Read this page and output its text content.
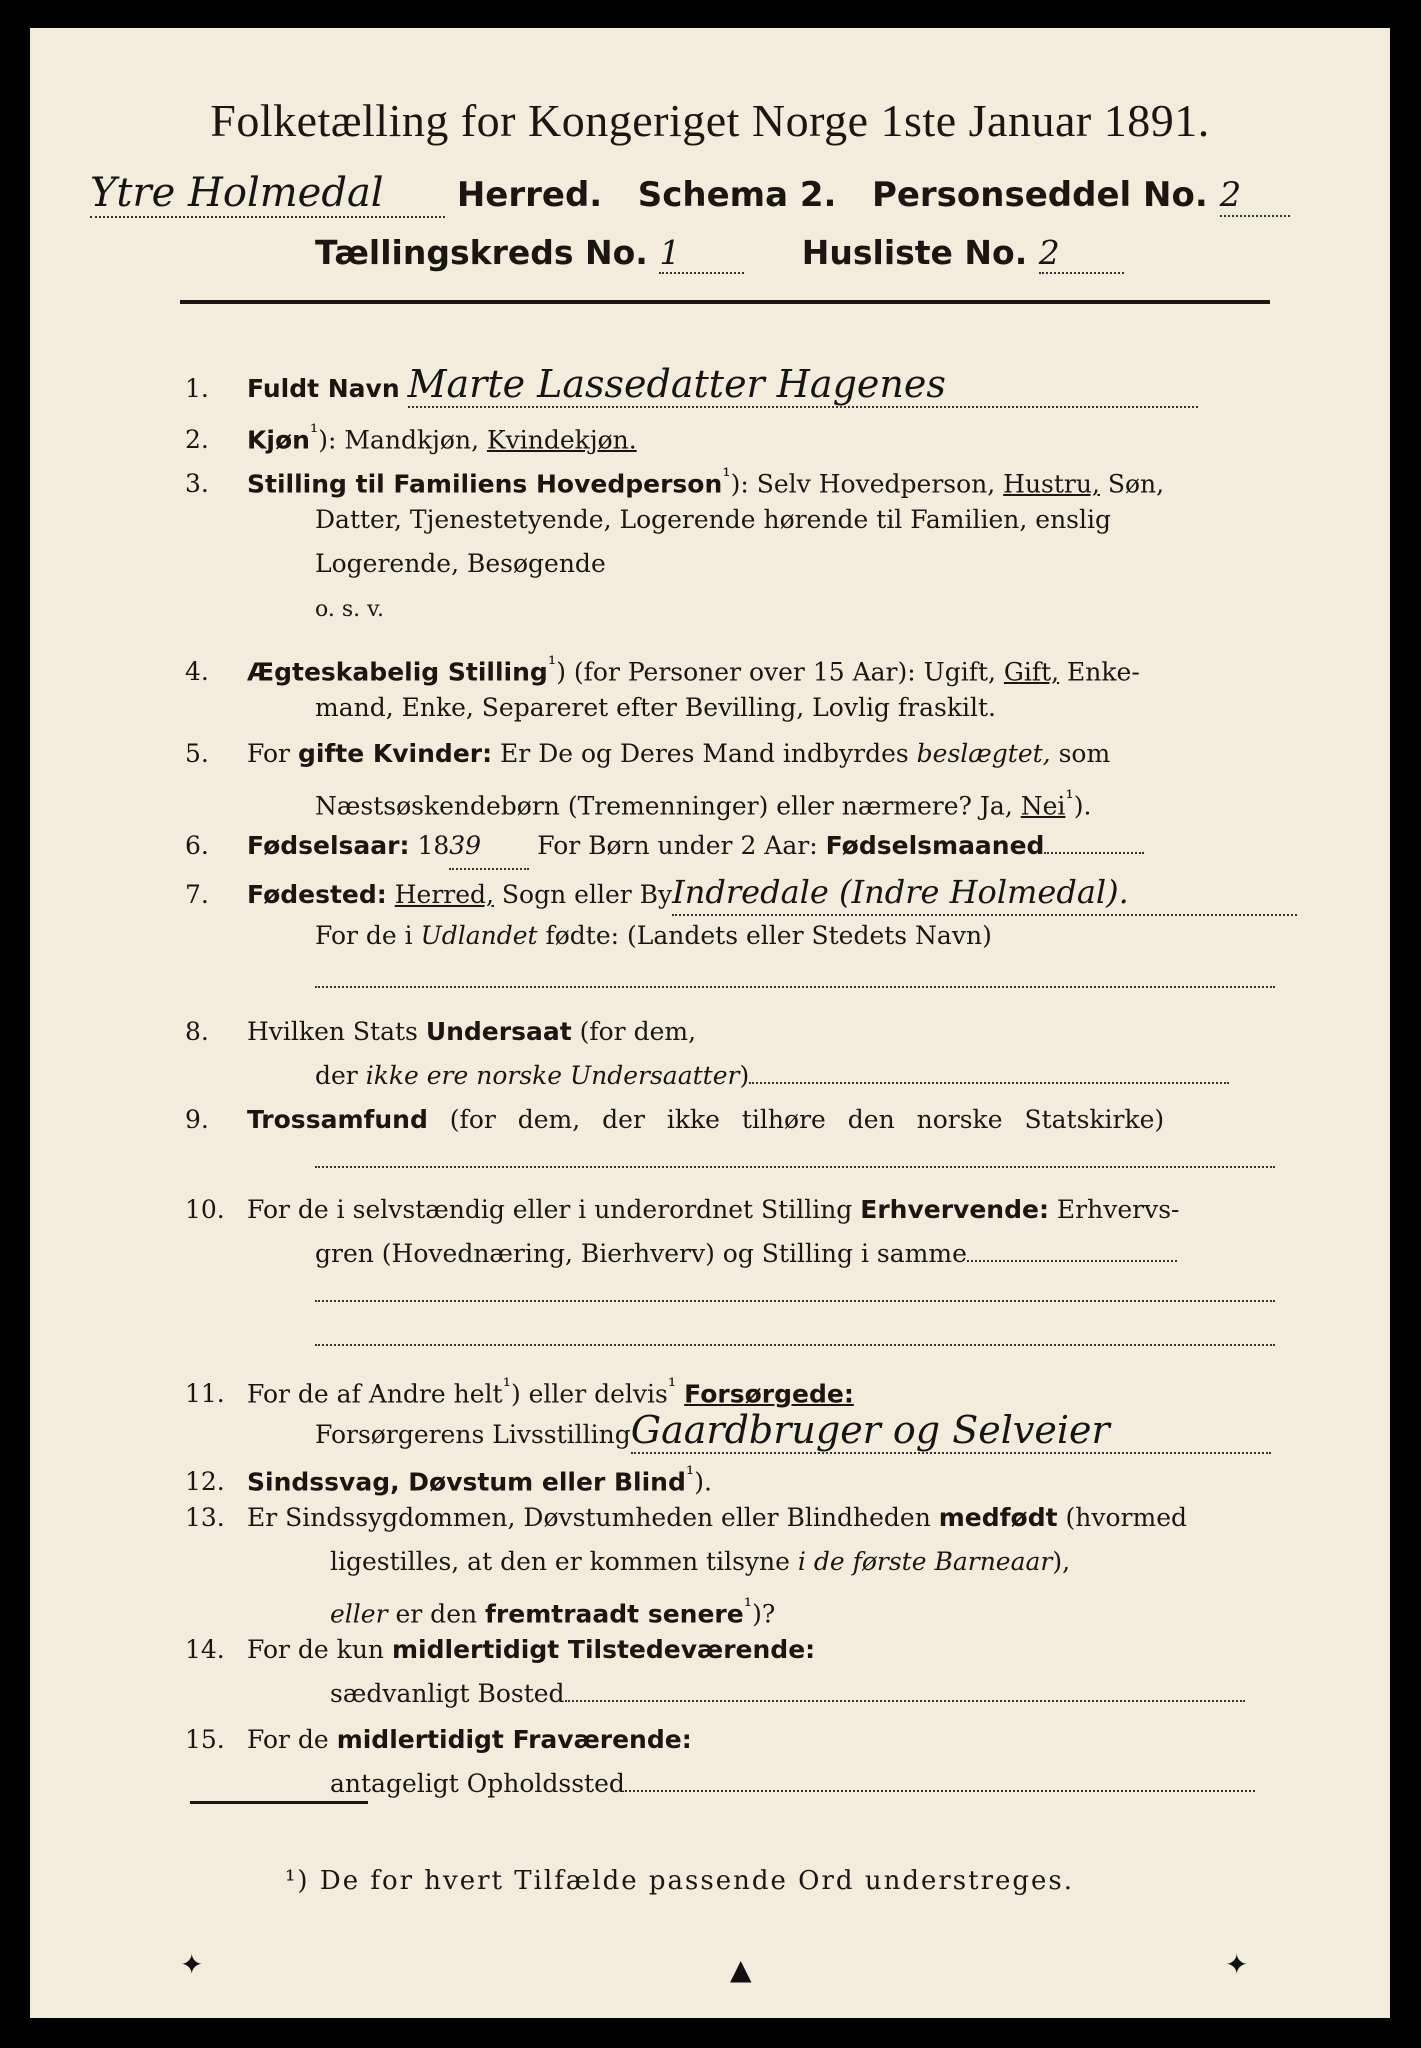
Folketælling for Kongeriget Norge 1ste Januar 1891.
Ytre Holmedal Herred. Schema 2. Personseddel No. 2
Tællingskreds No. 1	Husliste No. 2
1. Fuldt Navn Marte Lassedatter Hagenes
2. Kjøn$^{^1}$): Mandkjøn, Kvindekjøn.
3. Stilling til Familiens Hovedperson$^{^1}$): Selv Hovedperson, Hustru, Søn,
Datter, Tjenestetyende, Logerende hørende til Familien, enslig
Logerende, Besøgende
o. s. v.
4. Ægteskabelig Stilling$^{^1}$) (for Personer over 15 Aar): Ugift, Gift, Enke-
mand, Enke, Separeret efter Bevilling, Lovlig fraskilt.
5. For gifte Kvinder: Er De og Deres Mand indbyrdes beslægtet, som
Næstsøskendebørn (Tremenninger) eller nærmere? Ja, Nei$^{^1}$).
6. Fødselsaar: 1839 For Børn under 2 Aar: Fødselsmaaned
7. Fødested: Herred, Sogn eller ByIndredale (Indre Holmedal).
For de i Udlandet fødte: (Landets eller Stedets Navn)
8. Hvilken Stats Undersaat (for dem,
der ikke ere norske Undersaatter)
9. Trossamfund (for dem, der ikke tilhøre den norske Statskirke)
10. For de i selvstændig eller i underordnet Stilling Erhvervende: Erhvervs-
gren (Hovednæring, Bierhverv) og Stilling i samme
11. For de af Andre helt$^{^1}$) eller delvis$^{^1}$ Forsørgede:
Forsørgerens LivsstillingGaardbruger og Selveier
12. Sindssvag, Døvstum eller Blind$^{^1}$).
13. Er Sindssygdommen, Døvstumheden eller Blindheden medfødt (hvormed
ligestilles, at den er kommen tilsyne i de første Barneaar),
eller er den fremtraadt senere$^{^1}$)?
14. For de kun midlertidigt Tilstedeværende:
sædvanligt Bosted
15. For de midlertidigt Fraværende:
antageligt Opholdssted
¹) De for hvert Tilfælde passende Ord understreges.
✦	▲	✦
